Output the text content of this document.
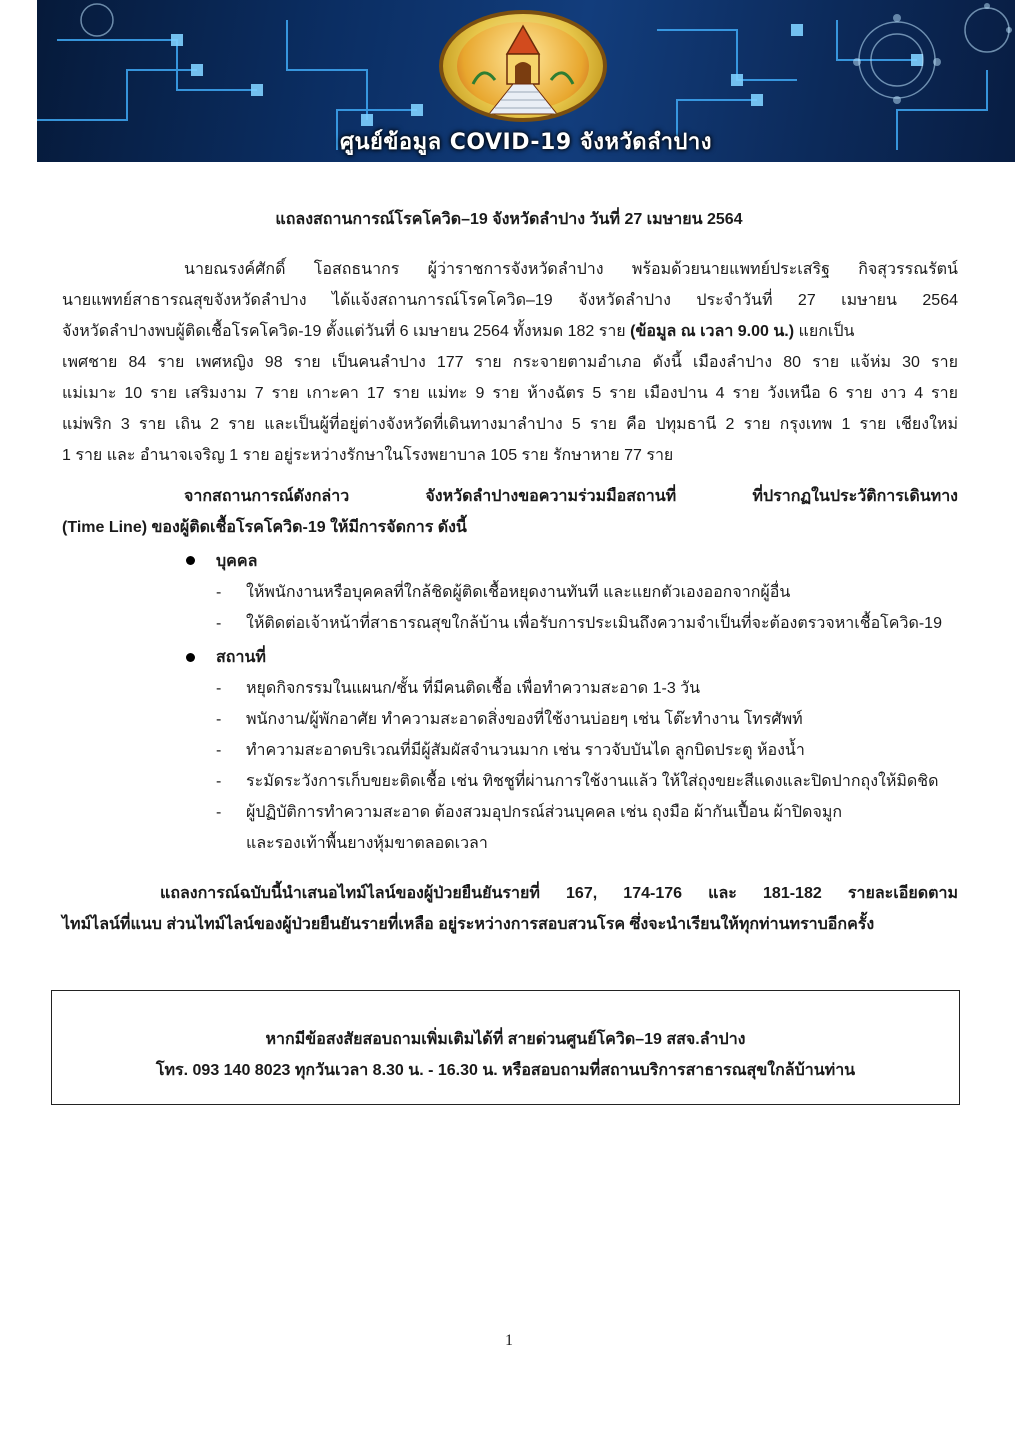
ศูนย์ข้อมูล COVID-19 จังหวัดลำปาง
แถลงสถานการณ์โรคโควิด–19 จังหวัดลำปาง วันที่ 27 เมษายน 2564
นายณรงค์ศักดิ์ โอสถธนากร ผู้ว่าราชการจังหวัดลำปาง พร้อมด้วยนายแพทย์ประเสริฐ กิจสุวรรณรัตน์
นายแพทย์สาธารณสุขจังหวัดลำปาง ได้แจ้งสถานการณ์โรคโควิด–19 จังหวัดลำปาง ประจำวันที่ 27 เมษายน 2564
จังหวัดลำปางพบผู้ติดเชื้อโรคโควิด-19 ตั้งแต่วันที่ 6 เมษายน 2564 ทั้งหมด 182 ราย (ข้อมูล ณ เวลา 9.00 น.) แยกเป็น
เพศชาย 84 ราย เพศหญิง 98 ราย เป็นคนลำปาง 177 ราย กระจายตามอำเภอ ดังนี้ เมืองลำปาง 80 ราย แจ้ห่ม 30 ราย
แม่เมาะ 10 ราย เสริมงาม 7 ราย เกาะคา 17 ราย แม่ทะ 9 ราย ห้างฉัตร 5 ราย เมืองปาน 4 ราย วังเหนือ 6 ราย งาว 4 ราย
แม่พริก 3 ราย เถิน 2 ราย และเป็นผู้ที่อยู่ต่างจังหวัดที่เดินทางมาลำปาง 5 ราย คือ ปทุมธานี 2 ราย กรุงเทพ 1 ราย เชียงใหม่
1 ราย และ อำนาจเจริญ 1 ราย อยู่ระหว่างรักษาในโรงพยาบาล 105 ราย รักษาหาย 77 ราย
จากสถานการณ์ดังกล่าว จังหวัดลำปางขอความร่วมมือสถานที่ ที่ปรากฏในประวัติการเดินทาง
(Time Line) ของผู้ติดเชื้อโรคโควิด-19 ให้มีการจัดการ ดังนี้
บุคคล
- ให้พนักงานหรือบุคคลที่ใกล้ชิดผู้ติดเชื้อหยุดงานทันที และแยกตัวเองออกจากผู้อื่น
- ให้ติดต่อเจ้าหน้าที่สาธารณสุขใกล้บ้าน เพื่อรับการประเมินถึงความจำเป็นที่จะต้องตรวจหาเชื้อโควิด-19
สถานที่
- หยุดกิจกรรมในแผนก/ชั้น ที่มีคนติดเชื้อ เพื่อทำความสะอาด 1-3 วัน
- พนักงาน/ผู้พักอาศัย ทำความสะอาดสิ่งของที่ใช้งานบ่อยๆ เช่น โต๊ะทำงาน โทรศัพท์
- ทำความสะอาดบริเวณที่มีผู้สัมผัสจำนวนมาก เช่น ราวจับบันได ลูกบิดประตู ห้องน้ำ
- ระมัดระวังการเก็บขยะติดเชื้อ เช่น ทิชชูที่ผ่านการใช้งานแล้ว ให้ใส่ถุงขยะสีแดงและปิดปากถุงให้มิดชิด
- ผู้ปฏิบัติการทำความสะอาด ต้องสวมอุปกรณ์ส่วนบุคคล เช่น ถุงมือ ผ้ากันเปื้อน ผ้าปิดจมูก
และรองเท้าพื้นยางหุ้มขาตลอดเวลา
แถลงการณ์ฉบับนี้นำเสนอไทม์ไลน์ของผู้ป่วยยืนยันรายที่ 167, 174-176 และ 181-182 รายละเอียดตาม
ไทม์ไลน์ที่แนบ ส่วนไทม์ไลน์ของผู้ป่วยยืนยันรายที่เหลือ อยู่ระหว่างการสอบสวนโรค ซึ่งจะนำเรียนให้ทุกท่านทราบอีกครั้ง
หากมีข้อสงสัยสอบถามเพิ่มเติมได้ที่ สายด่วนศูนย์โควิด–19 สสจ.ลำปาง
โทร. 093 140 8023 ทุกวันเวลา 8.30 น. - 16.30 น. หรือสอบถามที่สถานบริการสาธารณสุขใกล้บ้านท่าน
1
